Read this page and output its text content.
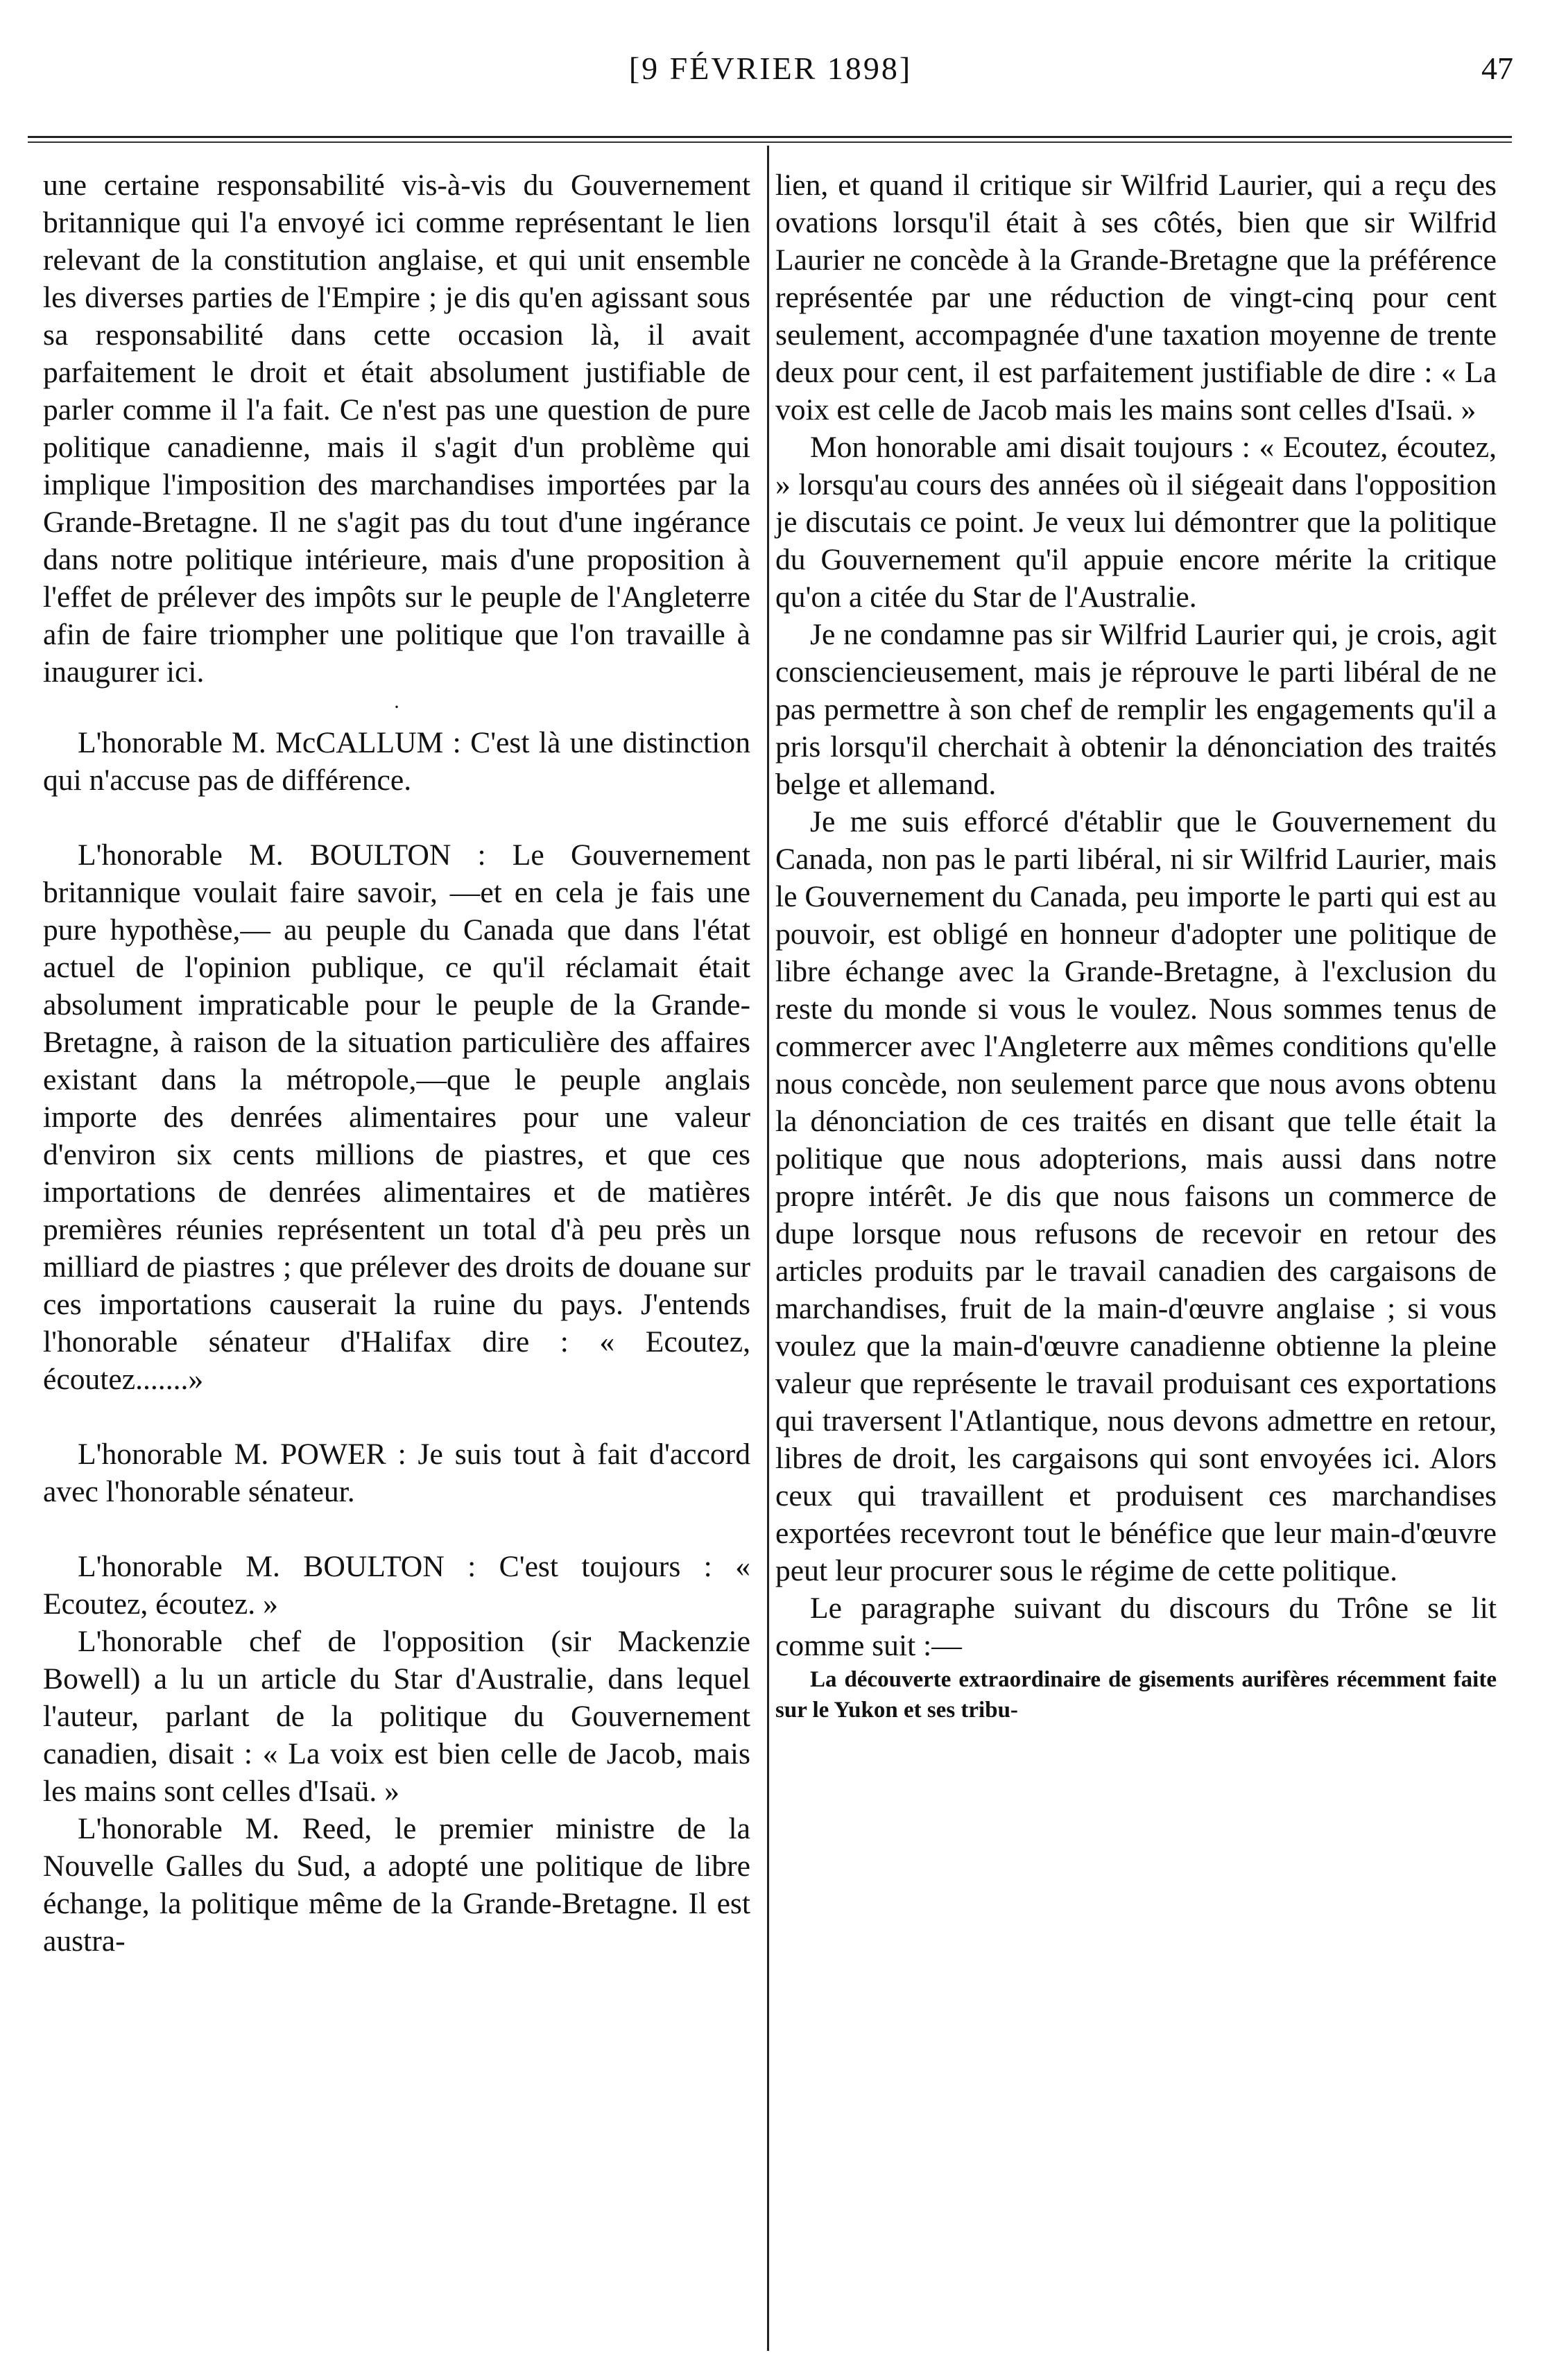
[9 FÉVRIER 1898]	47

une certaine responsabilité vis-à-vis du Gouvernement britannique qui l'a envoyé ici comme représentant le lien relevant de la constitution anglaise, et qui unit ensemble les diverses parties de l'Empire ; je dis qu'en agissant sous sa responsabilité dans cette occasion là, il avait parfaitement le droit et était absolument justifiable de parler comme il l'a fait. Ce n'est pas une question de pure politique canadienne, mais il s'agit d'un problème qui implique l'imposition des marchandises importées par la Grande-Bretagne. Il ne s'agit pas du tout d'une ingérance dans notre politique intérieure, mais d'une proposition à l'effet de prélever des impôts sur le peuple de l'Angleterre afin de faire triompher une politique que l'on travaille à inaugurer ici.

·

L'honorable M. McCALLUM : C'est là une distinction qui n'accuse pas de différence.

L'honorable M. BOULTON : Le Gouvernement britannique voulait faire savoir, —et en cela je fais une pure hypothèse,— au peuple du Canada que dans l'état actuel de l'opinion publique, ce qu'il réclamait était absolument impraticable pour le peuple de la Grande-Bretagne, à raison de la situation particulière des affaires existant dans la métropole,—que le peuple anglais importe des denrées alimentaires pour une valeur d'environ six cents millions de piastres, et que ces importations de denrées alimentaires et de matières premières réunies représentent un total d'à peu près un milliard de piastres ; que prélever des droits de douane sur ces importations causerait la ruine du pays. J'entends l'honorable sénateur d'Halifax dire : « Ecoutez, écoutez.......»

L'honorable M. POWER : Je suis tout à fait d'accord avec l'honorable sénateur.

L'honorable M. BOULTON : C'est toujours : « Ecoutez, écoutez. »

L'honorable chef de l'opposition (sir Mackenzie Bowell) a lu un article du Star d'Australie, dans lequel l'auteur, parlant de la politique du Gouvernement canadien, disait : « La voix est bien celle de Jacob, mais les mains sont celles d'Isaü. »

L'honorable M. Reed, le premier ministre de la Nouvelle Galles du Sud, a adopté une politique de libre échange, la politique même de la Grande-Bretagne. Il est austra-

lien, et quand il critique sir Wilfrid Laurier, qui a reçu des ovations lorsqu'il était à ses côtés, bien que sir Wilfrid Laurier ne concède à la Grande-Bretagne que la préférence représentée par une réduction de vingt-cinq pour cent seulement, accompagnée d'une taxation moyenne de trente deux pour cent, il est parfaitement justifiable de dire : « La voix est celle de Jacob mais les mains sont celles d'Isaü. »

Mon honorable ami disait toujours : « Ecoutez, écoutez, » lorsqu'au cours des années où il siégeait dans l'opposition je discutais ce point. Je veux lui démontrer que la politique du Gouvernement qu'il appuie encore mérite la critique qu'on a citée du Star de l'Australie.

Je ne condamne pas sir Wilfrid Laurier qui, je crois, agit consciencieusement, mais je réprouve le parti libéral de ne pas permettre à son chef de remplir les engagements qu'il a pris lorsqu'il cherchait à obtenir la dénonciation des traités belge et allemand.

Je me suis efforcé d'établir que le Gouvernement du Canada, non pas le parti libéral, ni sir Wilfrid Laurier, mais le Gouvernement du Canada, peu importe le parti qui est au pouvoir, est obligé en honneur d'adopter une politique de libre échange avec la Grande-Bretagne, à l'exclusion du reste du monde si vous le voulez. Nous sommes tenus de commercer avec l'Angleterre aux mêmes conditions qu'elle nous concède, non seulement parce que nous avons obtenu la dénonciation de ces traités en disant que telle était la politique que nous adopterions, mais aussi dans notre propre intérêt. Je dis que nous faisons un commerce de dupe lorsque nous refusons de recevoir en retour des articles produits par le travail canadien des cargaisons de marchandises, fruit de la main-d'œuvre anglaise ; si vous voulez que la main-d'œuvre canadienne obtienne la pleine valeur que représente le travail produisant ces exportations qui traversent l'Atlantique, nous devons admettre en retour, libres de droit, les cargaisons qui sont envoyées ici. Alors ceux qui travaillent et produisent ces marchandises exportées recevront tout le bénéfice que leur main-d'œuvre peut leur procurer sous le régime de cette politique.

Le paragraphe suivant du discours du Trône se lit comme suit :—

La découverte extraordinaire de gisements aurifères récemment faite sur le Yukon et ses tribu-
